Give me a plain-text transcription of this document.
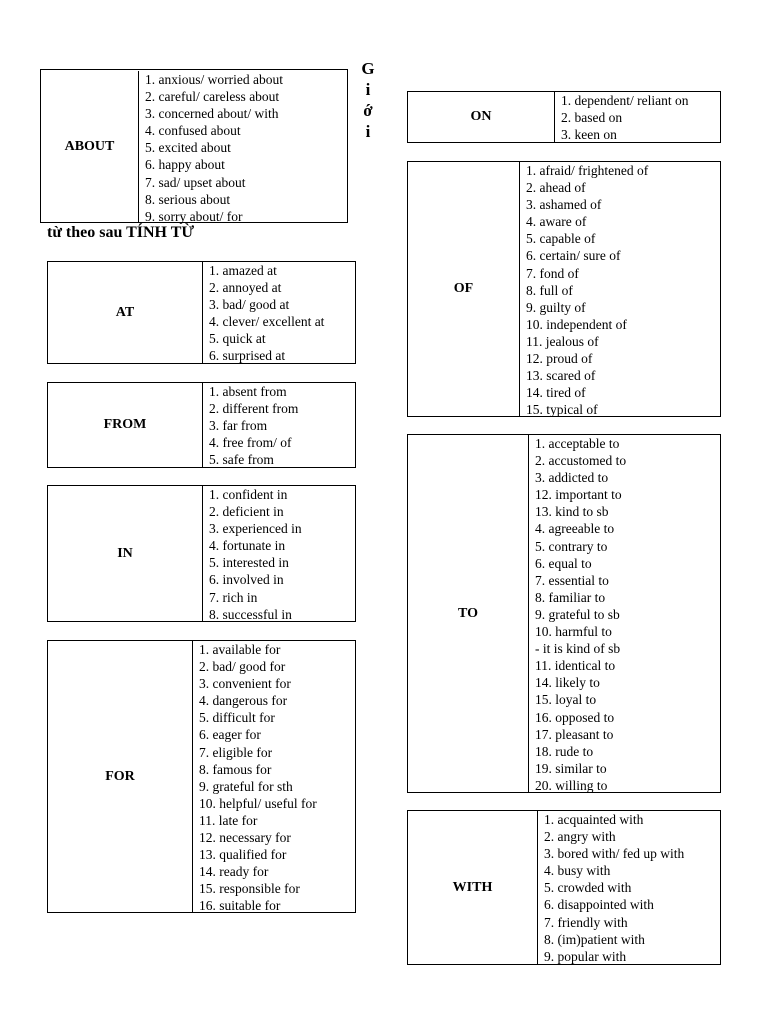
G
i
ớ
i
từ theo sau TÍNH TỪ
ABOUT
1. anxious/ worried about
2. careful/ careless about
3. concerned about/ with
4. confused about
5. excited about
6. happy about
7. sad/ upset about
8. serious about
9. sorry about/ for
AT
1. amazed at
2. annoyed at
3. bad/ good at
4. clever/ excellent at
5. quick at
6. surprised at
FROM
1. absent from
2. different from
3. far from
4. free from/ of
5. safe from
IN
1. confident in
2. deficient in
3. experienced in
4. fortunate in
5. interested in
6. involved in
7. rich in
8. successful in
FOR
1. available for
2. bad/ good for
3. convenient for
4. dangerous for
5. difficult for
6. eager for
7. eligible for
8. famous for
9. grateful for sth
10. helpful/ useful for
11. late for
12. necessary for
13. qualified for
14. ready for
15. responsible for
16. suitable for
ON
1. dependent/ reliant on
2. based on
3. keen on
OF
1. afraid/ frightened of
2. ahead of
3. ashamed of
4. aware of
5. capable of
6. certain/ sure of
7. fond of
8. full of
9. guilty of
10. independent of
11. jealous of
12. proud of
13. scared of
14. tired of
15. typical of
TO
1. acceptable to
2. accustomed to
3. addicted to
12. important to
13. kind to sb
4. agreeable to
5. contrary to
6. equal to
7. essential to
8. familiar to
9. grateful to sb
10. harmful to
- it is kind of sb
11. identical to
14. likely to
15. loyal to
16. opposed to
17. pleasant to
18. rude to
19. similar to
20. willing to
WITH
1. acquainted with
2. angry with
3. bored with/ fed up with
4. busy with
5. crowded with
6. disappointed with
7. friendly with
8. (im)patient with
9. popular with
